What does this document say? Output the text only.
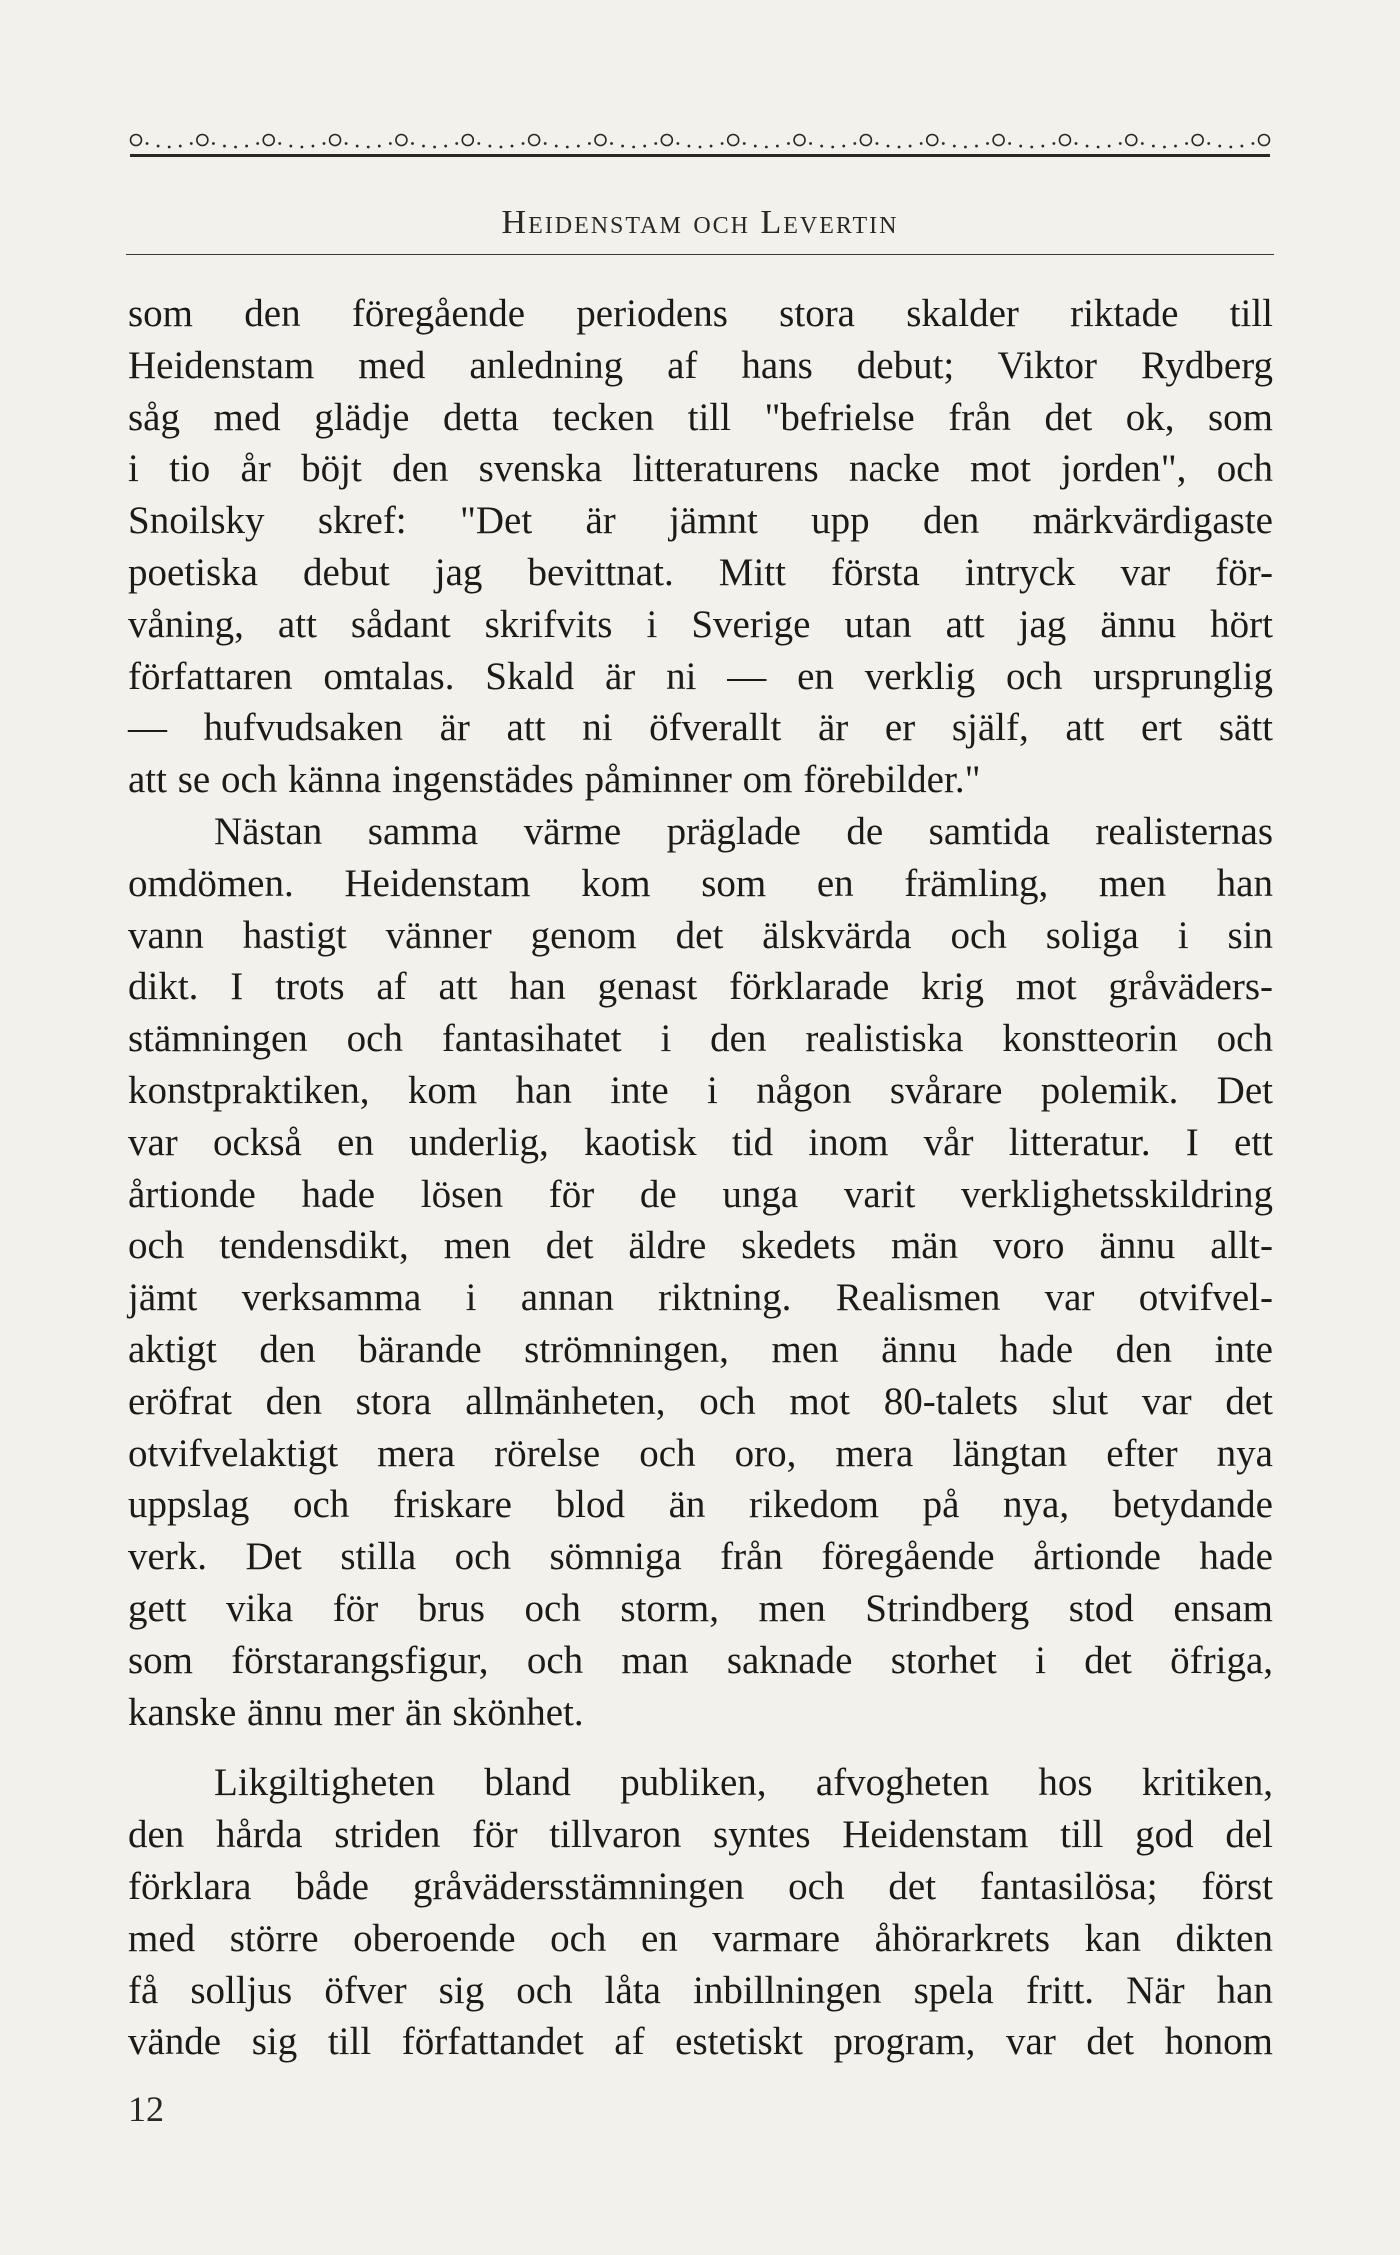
Heidenstam och Levertin

som den föregående periodens stora skalder riktade till

Heidenstam med anledning af hans debut; Viktor Rydberg

såg med glädje detta tecken till "befrielse från det ok, som

i tio år böjt den svenska litteraturens nacke mot jorden", och

Snoilsky skref: "Det är jämnt upp den märkvärdigaste

poetiska debut jag bevittnat. Mitt första intryck var för-

våning, att sådant skrifvits i Sverige utan att jag ännu hört

författaren omtalas. Skald är ni — en verklig och ursprunglig

— hufvudsaken är att ni öfverallt är er själf, att ert sätt

att se och känna ingenstädes påminner om förebilder."

Nästan samma värme präglade de samtida realisternas

omdömen. Heidenstam kom som en främling, men han

vann hastigt vänner genom det älskvärda och soliga i sin

dikt. I trots af att han genast förklarade krig mot gråväders-

stämningen och fantasihatet i den realistiska konstteorin och

konstpraktiken, kom han inte i någon svårare polemik. Det

var också en underlig, kaotisk tid inom vår litteratur. I ett

årtionde hade lösen för de unga varit verklighetsskildring

och tendensdikt, men det äldre skedets män voro ännu allt-

jämt verksamma i annan riktning. Realismen var otvifvel-

aktigt den bärande strömningen, men ännu hade den inte

eröfrat den stora allmänheten, och mot 80-talets slut var det

otvifvelaktigt mera rörelse och oro, mera längtan efter nya

uppslag och friskare blod än rikedom på nya, betydande

verk. Det stilla och sömniga från föregående årtionde hade

gett vika för brus och storm, men Strindberg stod ensam

som förstarangsfigur, och man saknade storhet i det öfriga,

kanske ännu mer än skönhet.

Likgiltigheten bland publiken, afvogheten hos kritiken,

den hårda striden för tillvaron syntes Heidenstam till god del

förklara både gråvädersstämningen och det fantasilösa; först

med större oberoende och en varmare åhörarkrets kan dikten

få solljus öfver sig och låta inbillningen spela fritt. När han

vände sig till författandet af estetiskt program, var det honom

12
